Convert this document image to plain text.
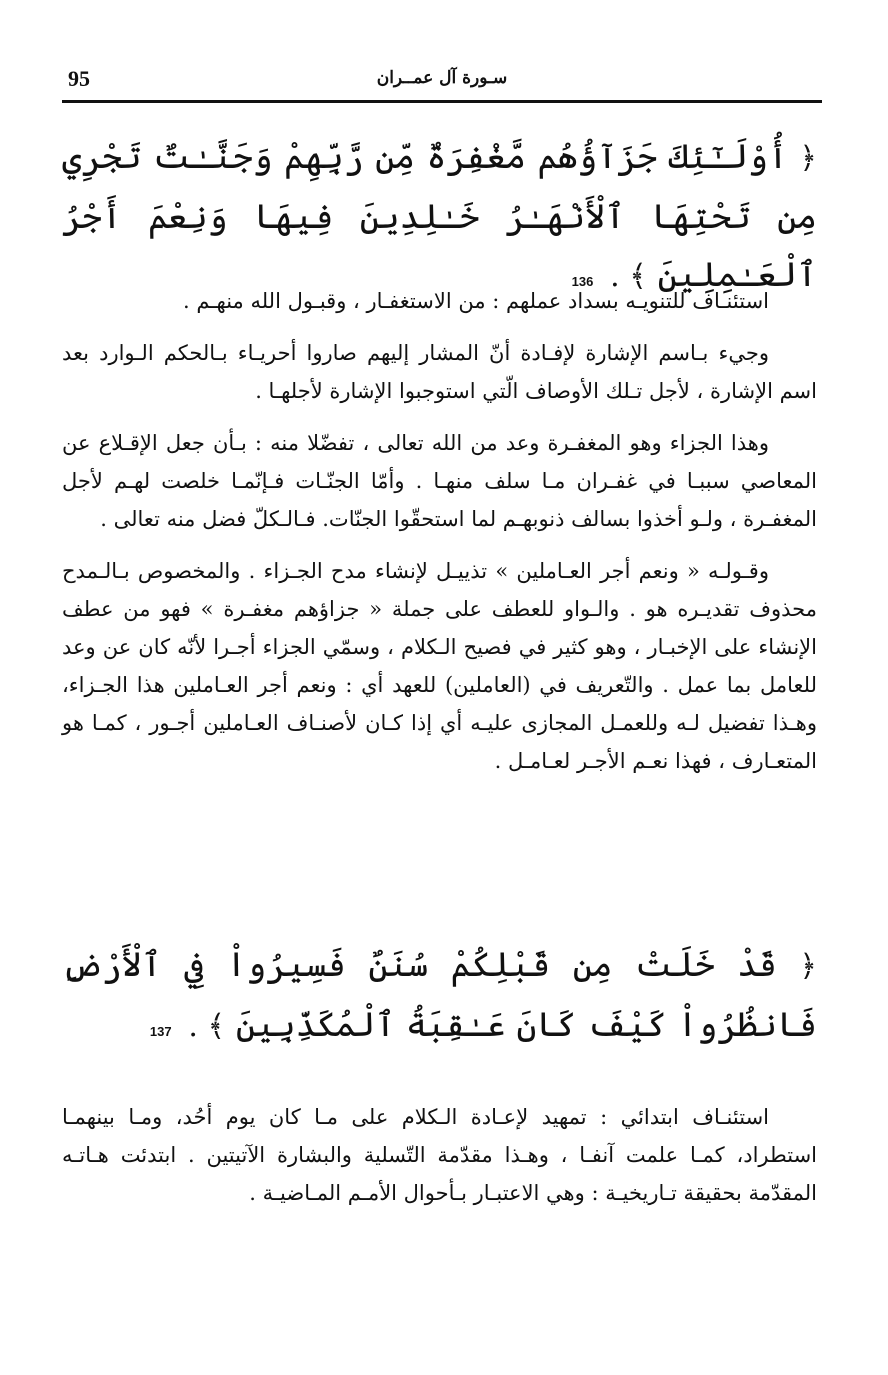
95	سـورة آل عمــران
﴿ أُوْلَـٰٓئِكَ جَزَآؤُهُم مَّغْفِرَةٌ مِّن رَّبِّهِمْ وَجَنَّـٰتٌ تَجْرِي مِن تَحْتِهَا ٱلْأَنْهَـٰرُ خَـٰلِدِينَ فِيهَا وَنِعْمَ أَجْرُ ٱلْعَـٰمِلِينَ ﴾ . 136

استئنـاف للتنويـه بسداد عملهم : من الاستغفـار ، وقبـول الله منهـم .

وجيء بـاسم الإشارة لإفـادة أنّ المشار إليهم صاروا أحريـاء بـالحكم الـوارد بعد اسم الإشارة ، لأجل تـلك الأوصاف الّتي استوجبوا الإشارة لأجلهـا .

وهذا الجزاء وهو المغفـرة وعد من الله تعالى ، تفضّلا منه : بـأن جعل الإقـلاع عن المعاصي سببـا في غفـران مـا سلف منهـا . وأمّا الجنّـات فـإنّمـا خلصت لهـم لأجل المغفـرة ، ولـو أخذوا بسالف ذنوبهـم لما استحقّوا الجنّات. فـالـكلّ فضل منه تعالى .

وقـولـه « ونعم أجر العـاملين » تذييـل لإنشاء مدح الجـزاء . والمخصوص بـالـمدح محذوف تقديـره هو . والـواو للعطف على جملة « جزاؤهم مغفـرة » فهو من عطف الإنشاء على الإخبـار ، وهو كثير في فصيح الـكلام ، وسمّي الجزاء أجـرا لأنّه كان عن وعد للعامل بما عمل . والتّعريف في (العاملين) للعهد أي : ونعم أجر العـاملين هذا الجـزاء، وهـذا تفضيل لـه وللعمـل المجازى عليـه أي إذا كـان لأصنـاف العـاملين أجـور ، كمـا هو المتعـارف ، فهذا نعـم الأجـر لعـامـل .

﴿ قَدْ خَلَتْ مِن قَبْلِكُمْ سُنَنٌ فَسِيرُواْ فِي ٱلْأَرْضِ فَانظُرُواْ كَيْفَ كَانَ عَـٰقِبَةُ ٱلْمُكَذِّبِينَ ﴾ . 137

استئنـاف ابتدائي : تمهيد لإعـادة الـكلام على مـا كان يوم أحُد، ومـا بينهمـا استطراد، كمـا علمت آنفـا ، وهـذا مقدّمة التّسلية والبشارة الآتيتين . ابتدئت هـاتـه المقدّمة بحقيقة تـاريخيـة : وهي الاعتبـار بـأحوال الأمـم المـاضيـة .
